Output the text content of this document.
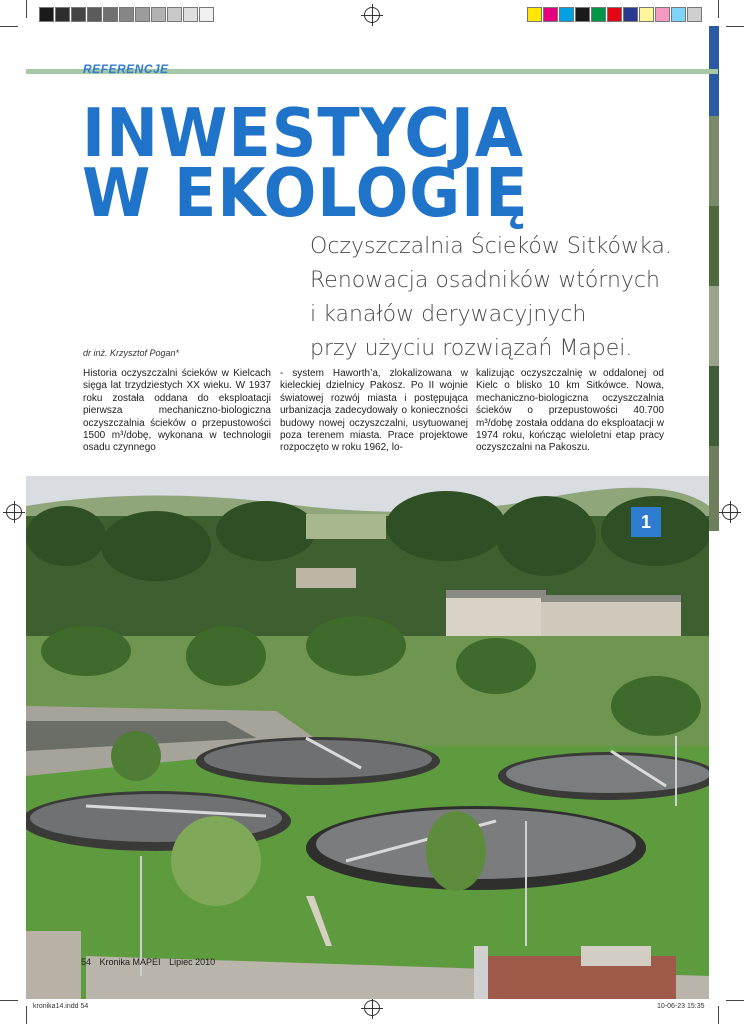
REFERENCJE
INWESTYCJA
W EKOLOGIĘ
Oczyszczalnia Ścieków Sitkówka.
Renowacja osadników wtórnych
i kanałów derywacyjnych
przy użyciu rozwiązań Mapei.
dr inż. Krzysztof Pogan*
Historia oczyszczalni ścieków w Kielcach sięga lat trzydziestych XX wieku. W 1937 roku została oddana do eksploatacji pierwsza mechaniczno-biologiczna oczyszczalnia ścieków o przepustowości 1500 m³/dobę, wykonana w technologii osadu czynnego
- system Haworth’a, zlokalizowana w kieleckiej dzielnicy Pakosz. Po II wojnie światowej rozwój miasta i postępująca urbanizacja zadecydowały o konieczności budowy nowej oczyszczalni, usytuowanej poza terenem miasta. Prace projektowe rozpoczęto w roku 1962, lo-
kalizując oczyszczalnię w oddalonej od Kielc o blisko 10 km Sitkówce. Nowa, mechaniczno-biologiczna oczyszczalnia ścieków o przepustowości 40.700 m³/dobę została oddana do eksploatacji w 1974 roku, kończąc wieloletni etap pracy oczyszczalni na Pakoszu.
1
54 Kronika MAPEI Lipiec 2010
kronika14.indd 54	10-06-23 15:35
